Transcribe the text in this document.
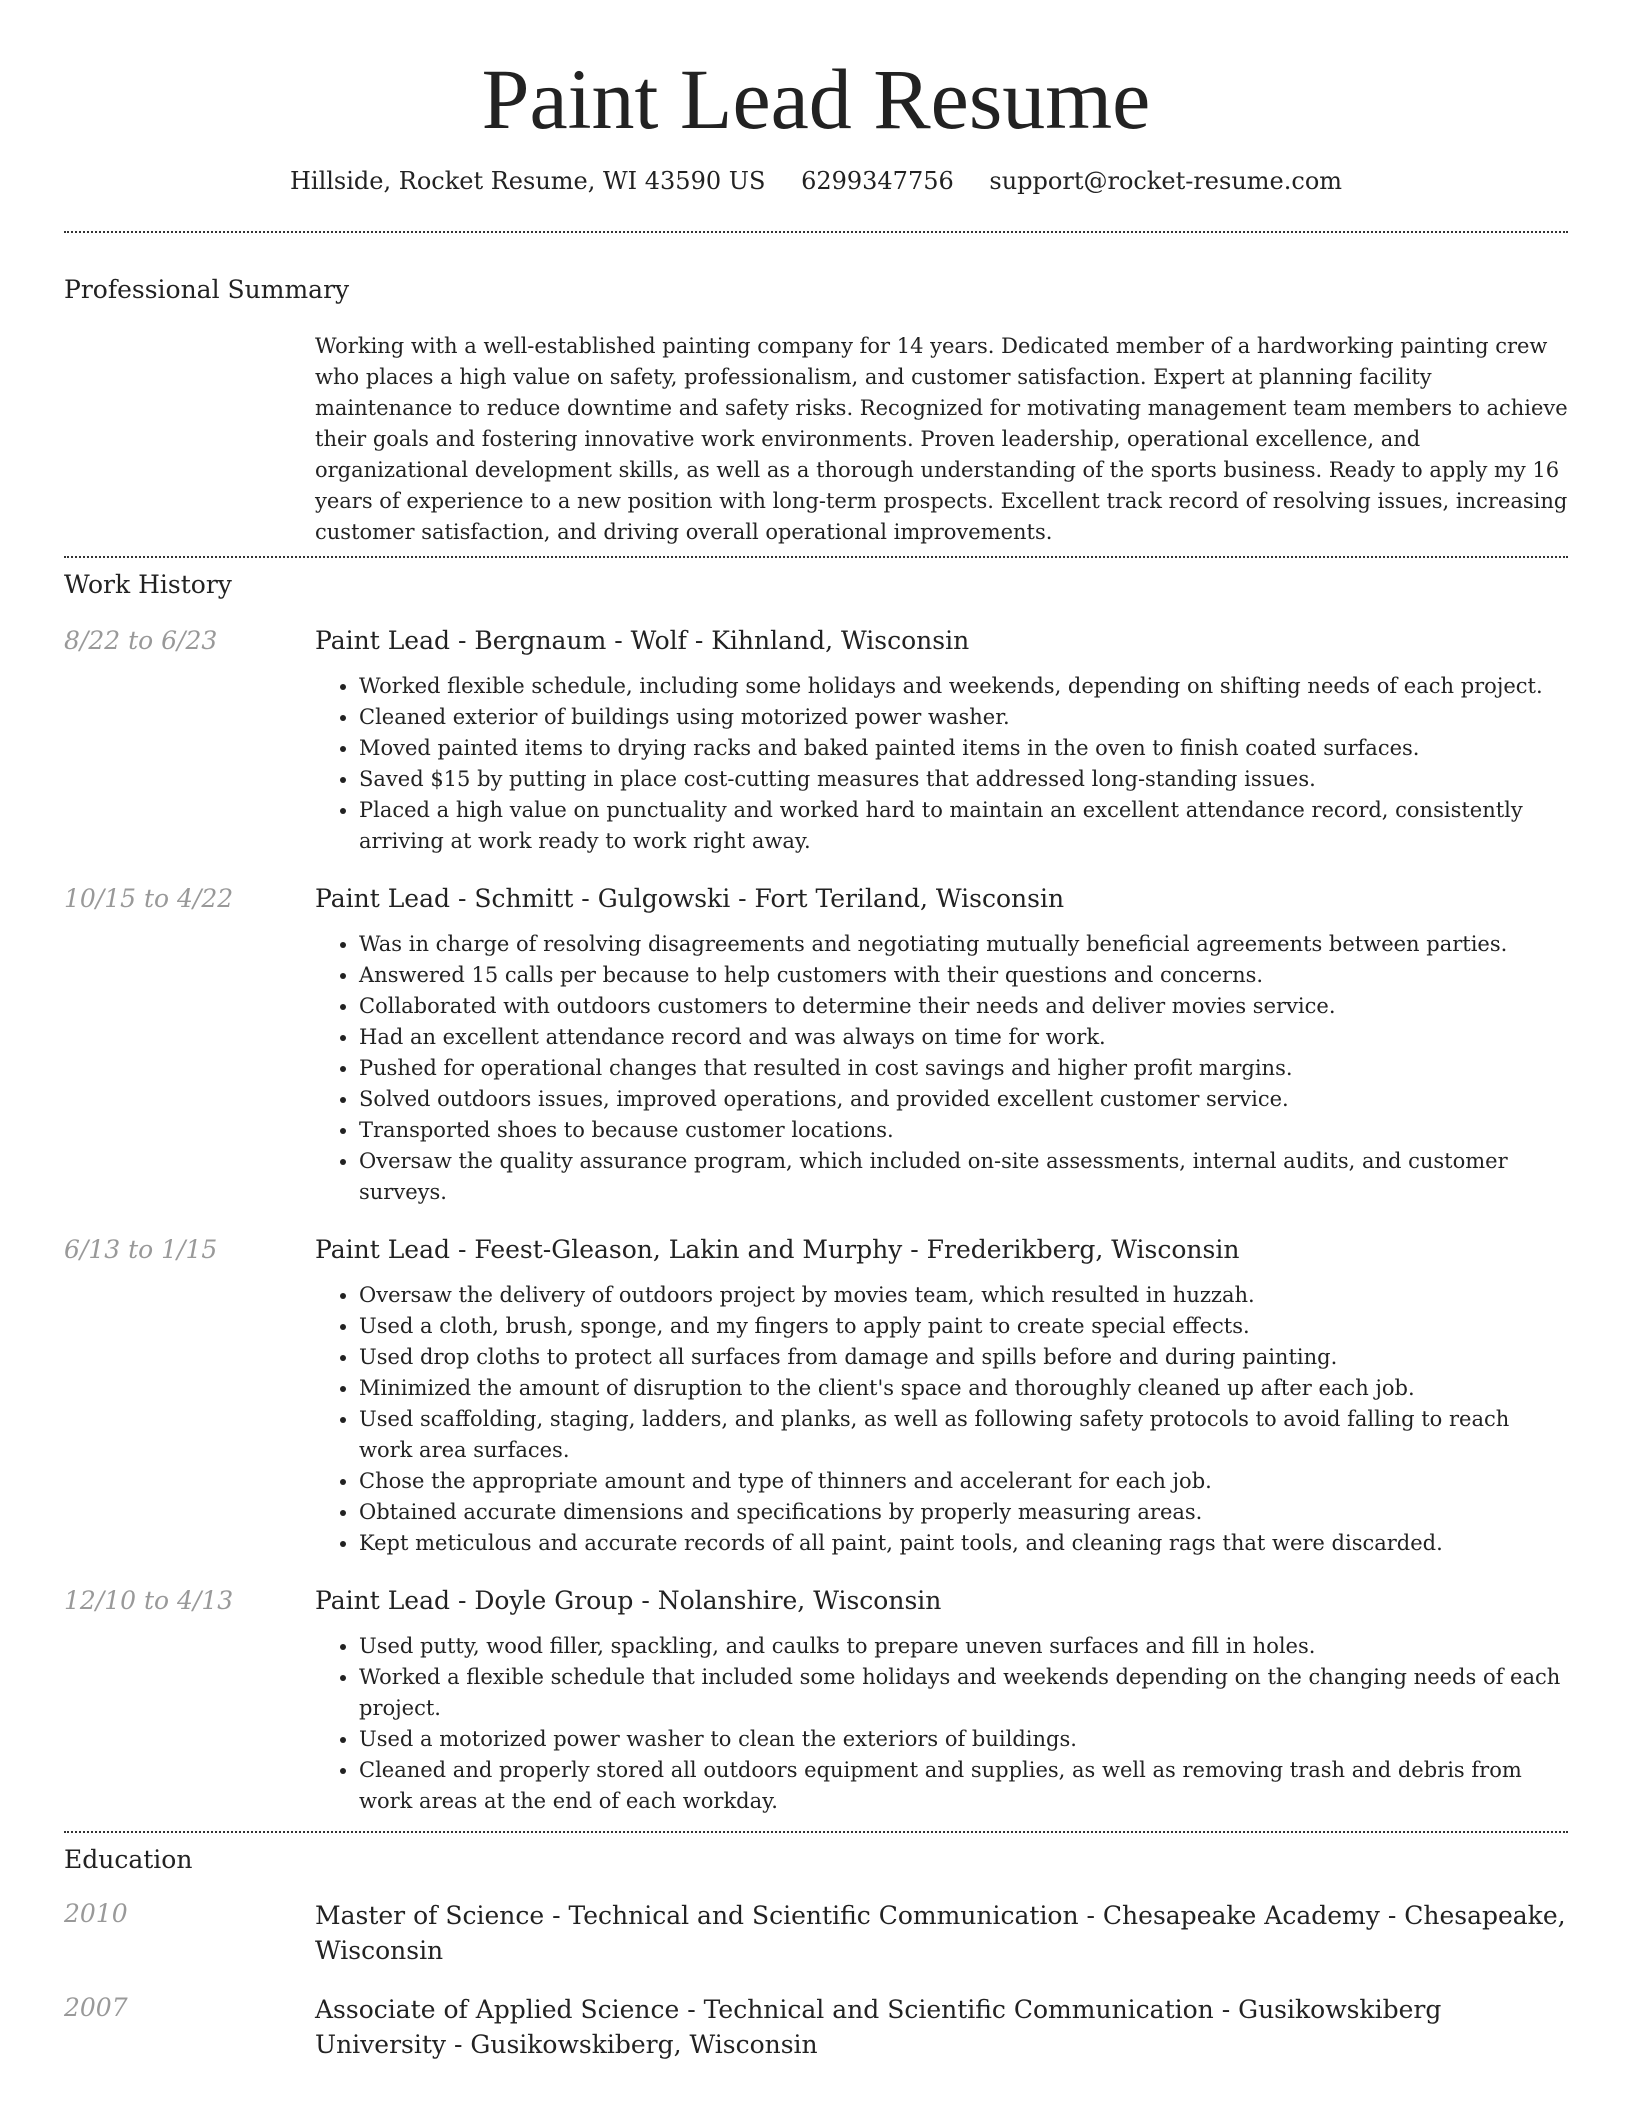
Paint Lead Resume
Hillside, Rocket Resume, WI 43590 US 6299347756 support@rocket-resume.com
Professional Summary
Working with a well-established painting company for 14 years. Dedicated member of a hardworking painting crew who places a high value on safety, professionalism, and customer satisfaction. Expert at planning facility maintenance to reduce downtime and safety risks. Recognized for motivating management team members to achieve their goals and fostering innovative work environments. Proven leadership, operational excellence, and organizational development skills, as well as a thorough understanding of the sports business. Ready to apply my 16 years of experience to a new position with long-term prospects. Excellent track record of resolving issues, increasing customer satisfaction, and driving overall operational improvements.
Work History
8/22 to 6/23	Paint Lead - Bergnaum - Wolf - Kihnland, Wisconsin
• Worked flexible schedule, including some holidays and weekends, depending on shifting needs of each project.
• Cleaned exterior of buildings using motorized power washer.
• Moved painted items to drying racks and baked painted items in the oven to finish coated surfaces.
• Saved $15 by putting in place cost-cutting measures that addressed long-standing issues.
• Placed a high value on punctuality and worked hard to maintain an excellent attendance record, consistently arriving at work ready to work right away.
10/15 to 4/22	Paint Lead - Schmitt - Gulgowski - Fort Teriland, Wisconsin
• Was in charge of resolving disagreements and negotiating mutually beneficial agreements between parties.
• Answered 15 calls per because to help customers with their questions and concerns.
• Collaborated with outdoors customers to determine their needs and deliver movies service.
• Had an excellent attendance record and was always on time for work.
• Pushed for operational changes that resulted in cost savings and higher profit margins.
• Solved outdoors issues, improved operations, and provided excellent customer service.
• Transported shoes to because customer locations.
• Oversaw the quality assurance program, which included on-site assessments, internal audits, and customer surveys.
6/13 to 1/15	Paint Lead - Feest-Gleason, Lakin and Murphy - Frederikberg, Wisconsin
• Oversaw the delivery of outdoors project by movies team, which resulted in huzzah.
• Used a cloth, brush, sponge, and my fingers to apply paint to create special effects.
• Used drop cloths to protect all surfaces from damage and spills before and during painting.
• Minimized the amount of disruption to the client's space and thoroughly cleaned up after each job.
• Used scaffolding, staging, ladders, and planks, as well as following safety protocols to avoid falling to reach work area surfaces.
• Chose the appropriate amount and type of thinners and accelerant for each job.
• Obtained accurate dimensions and specifications by properly measuring areas.
• Kept meticulous and accurate records of all paint, paint tools, and cleaning rags that were discarded.
12/10 to 4/13	Paint Lead - Doyle Group - Nolanshire, Wisconsin
• Used putty, wood filler, spackling, and caulks to prepare uneven surfaces and fill in holes.
• Worked a flexible schedule that included some holidays and weekends depending on the changing needs of each project.
• Used a motorized power washer to clean the exteriors of buildings.
• Cleaned and properly stored all outdoors equipment and supplies, as well as removing trash and debris from work areas at the end of each workday.
Education
2010	Master of Science - Technical and Scientific Communication - Chesapeake Academy - Chesapeake, Wisconsin
2007	Associate of Applied Science - Technical and Scientific Communication - Gusikowskiberg University - Gusikowskiberg, Wisconsin
